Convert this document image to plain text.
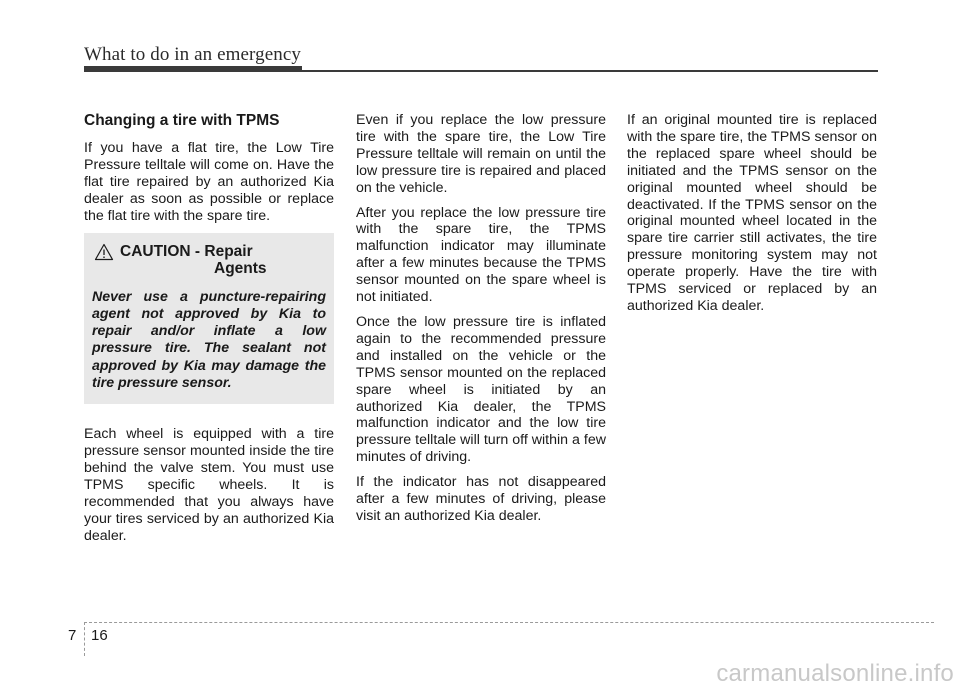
What to do in an emergency
Changing a tire with TPMS

If you have a flat tire, the Low Tire Pressure telltale will come on. Have the flat tire repaired by an authorized Kia dealer as soon as possible or replace the flat tire with the spare tire.

CAUTION - Repair
Agents
Never use a puncture-repairing agent not approved by Kia to repair and/or inflate a low pressure tire. The sealant not approved by Kia may damage the tire pressure sensor.

Each wheel is equipped with a tire pressure sensor mounted inside the tire behind the valve stem. You must use TPMS specific wheels. It is recommended that you always have your tires serviced by an authorized Kia dealer.

Even if you replace the low pressure tire with the spare tire, the Low Tire Pressure telltale will remain on until the low pressure tire is repaired and placed on the vehicle.

After you replace the low pressure tire with the spare tire, the TPMS malfunction indicator may illuminate after a few minutes because the TPMS sensor mounted on the spare wheel is not initiated.

Once the low pressure tire is inflated again to the recommended pressure and installed on the vehicle or the TPMS sensor mounted on the replaced spare wheel is initiated by an authorized Kia dealer, the TPMS malfunction indicator and the low tire pressure telltale will turn off within a few minutes of driving.

If the indicator has not disappeared after a few minutes of driving, please visit an authorized Kia dealer.

If an original mounted tire is replaced with the spare tire, the TPMS sensor on the replaced spare wheel should be initiated and the TPMS sensor on the original mounted wheel should be deactivated. If the TPMS sensor on the original mounted wheel located in the spare tire carrier still activates, the tire pressure monitoring system may not operate properly. Have the tire with TPMS serviced or replaced by an authorized Kia dealer.

7 16
carmanualsonline.info
